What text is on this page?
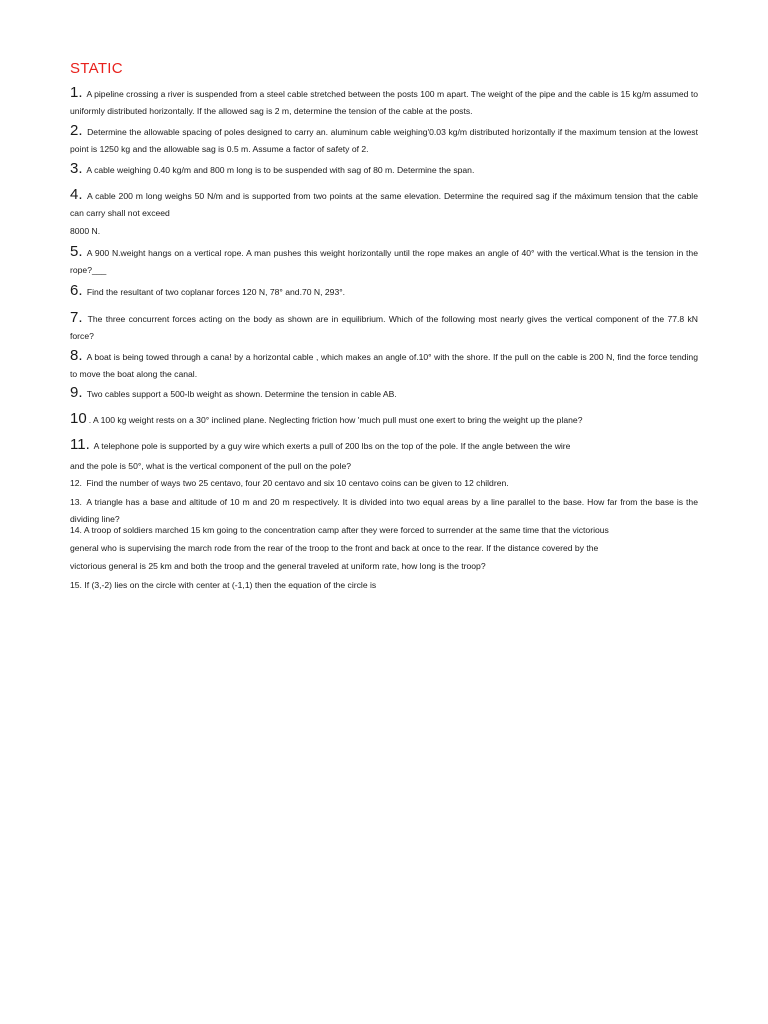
STATIC
1. A pipeline crossing a river is suspended from a steel cable stretched between the posts 100 m apart. The weight of the pipe and the cable is 15 kg/m assumed to uniformly distributed horizontally. If the allowed sag is 2 m, determine the tension of the cable at the posts.
2. Determine the allowable spacing of poles designed to carry an. aluminum cable weighing'0.03 kg/m distributed horizontally if the maximum tension at the lowest point is 1250 kg and the allowable sag is 0.5 m. Assume a factor of safety of 2.
3. A cable weighing 0.40 kg/m and 800 m long is to be suspended with sag of 80 m. Determine the span.
4. A cable 200 m long weighs 50 N/m and is supported from two points at the same elevation. Determine the required sag if the máximum tension that the cable can carry shall not exceed
8000 N.
5. A 900 N.weight hangs on a vertical rope. A man pushes this weight horizontally until the rope makes an angle of 40° with the vertical.What is the tension in the rope?___
6. Find the resultant of two coplanar forces 120 N, 78° and.70 N, 293°.
7. The three concurrent forces acting on the body as shown are in equilibrium. Which of the following most nearly gives the vertical component of the 77.8 kN force?
8. A boat is being towed through a cana! by a horizontal cable , which makes an angle of.10° with the shore. If the pull on the cable is 200 N, find the force tending to move the boat along the canal.
9. Two cables support a 500-lb weight as shown. Determine the tension in cable AB.
10 . A 100 kg weight rests on a 30° inclined plane. Neglecting friction how 'much pull must one exert to bring the weight up the plane?
11. A telephone pole is supported by a guy wire which exerts a pull of 200 lbs on the top of the pole. If the angle between the wire
and the pole is 50°, what is the vertical component of the pull on the pole?
12. Find the number of ways two 25 centavo, four 20 centavo and six 10 centavo coins can be given to 12 children.
13. A triangle has a base and altitude of 10 m and 20 m respectively. It is divided into two equal areas by a line parallel to the base. How far from the base is the dividing line?
14. A troop of soldiers marched 15 km going to the concentration camp after they were forced to surrender at the same time that the victorious
general who is supervising the march rode from the rear of the troop to the front and back at once to the rear. If the distance covered by the
victorious general is 25 km and both the troop and the general traveled at uniform rate, how long is the troop?
15. If (3,-2) lies on the circle with center at (-1,1) then the equation of the circle is
